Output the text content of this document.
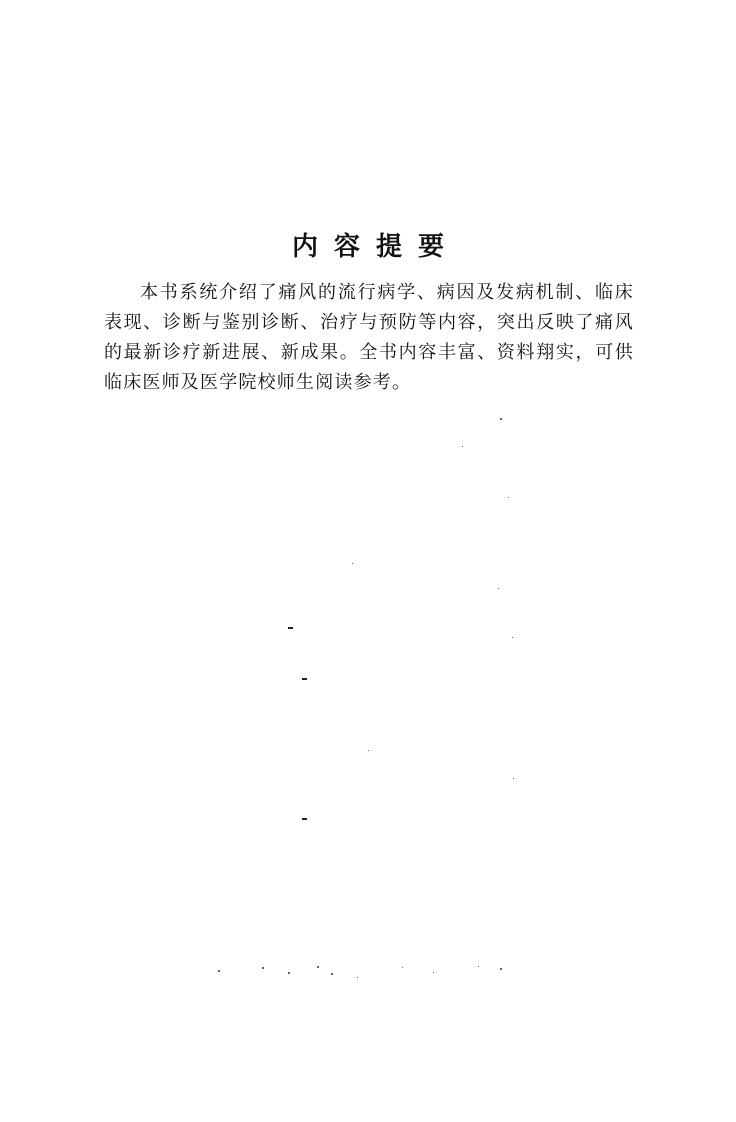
内容提要

本书系统介绍了痛风的流行病学、病因及发病机制、临床表现、诊断与鉴别诊断、治疗与预防等内容，突出反映了痛风的最新诊疗新进展、新成果。全书内容丰富、资料翔实，可供临床医师及医学院校师生阅读参考。
